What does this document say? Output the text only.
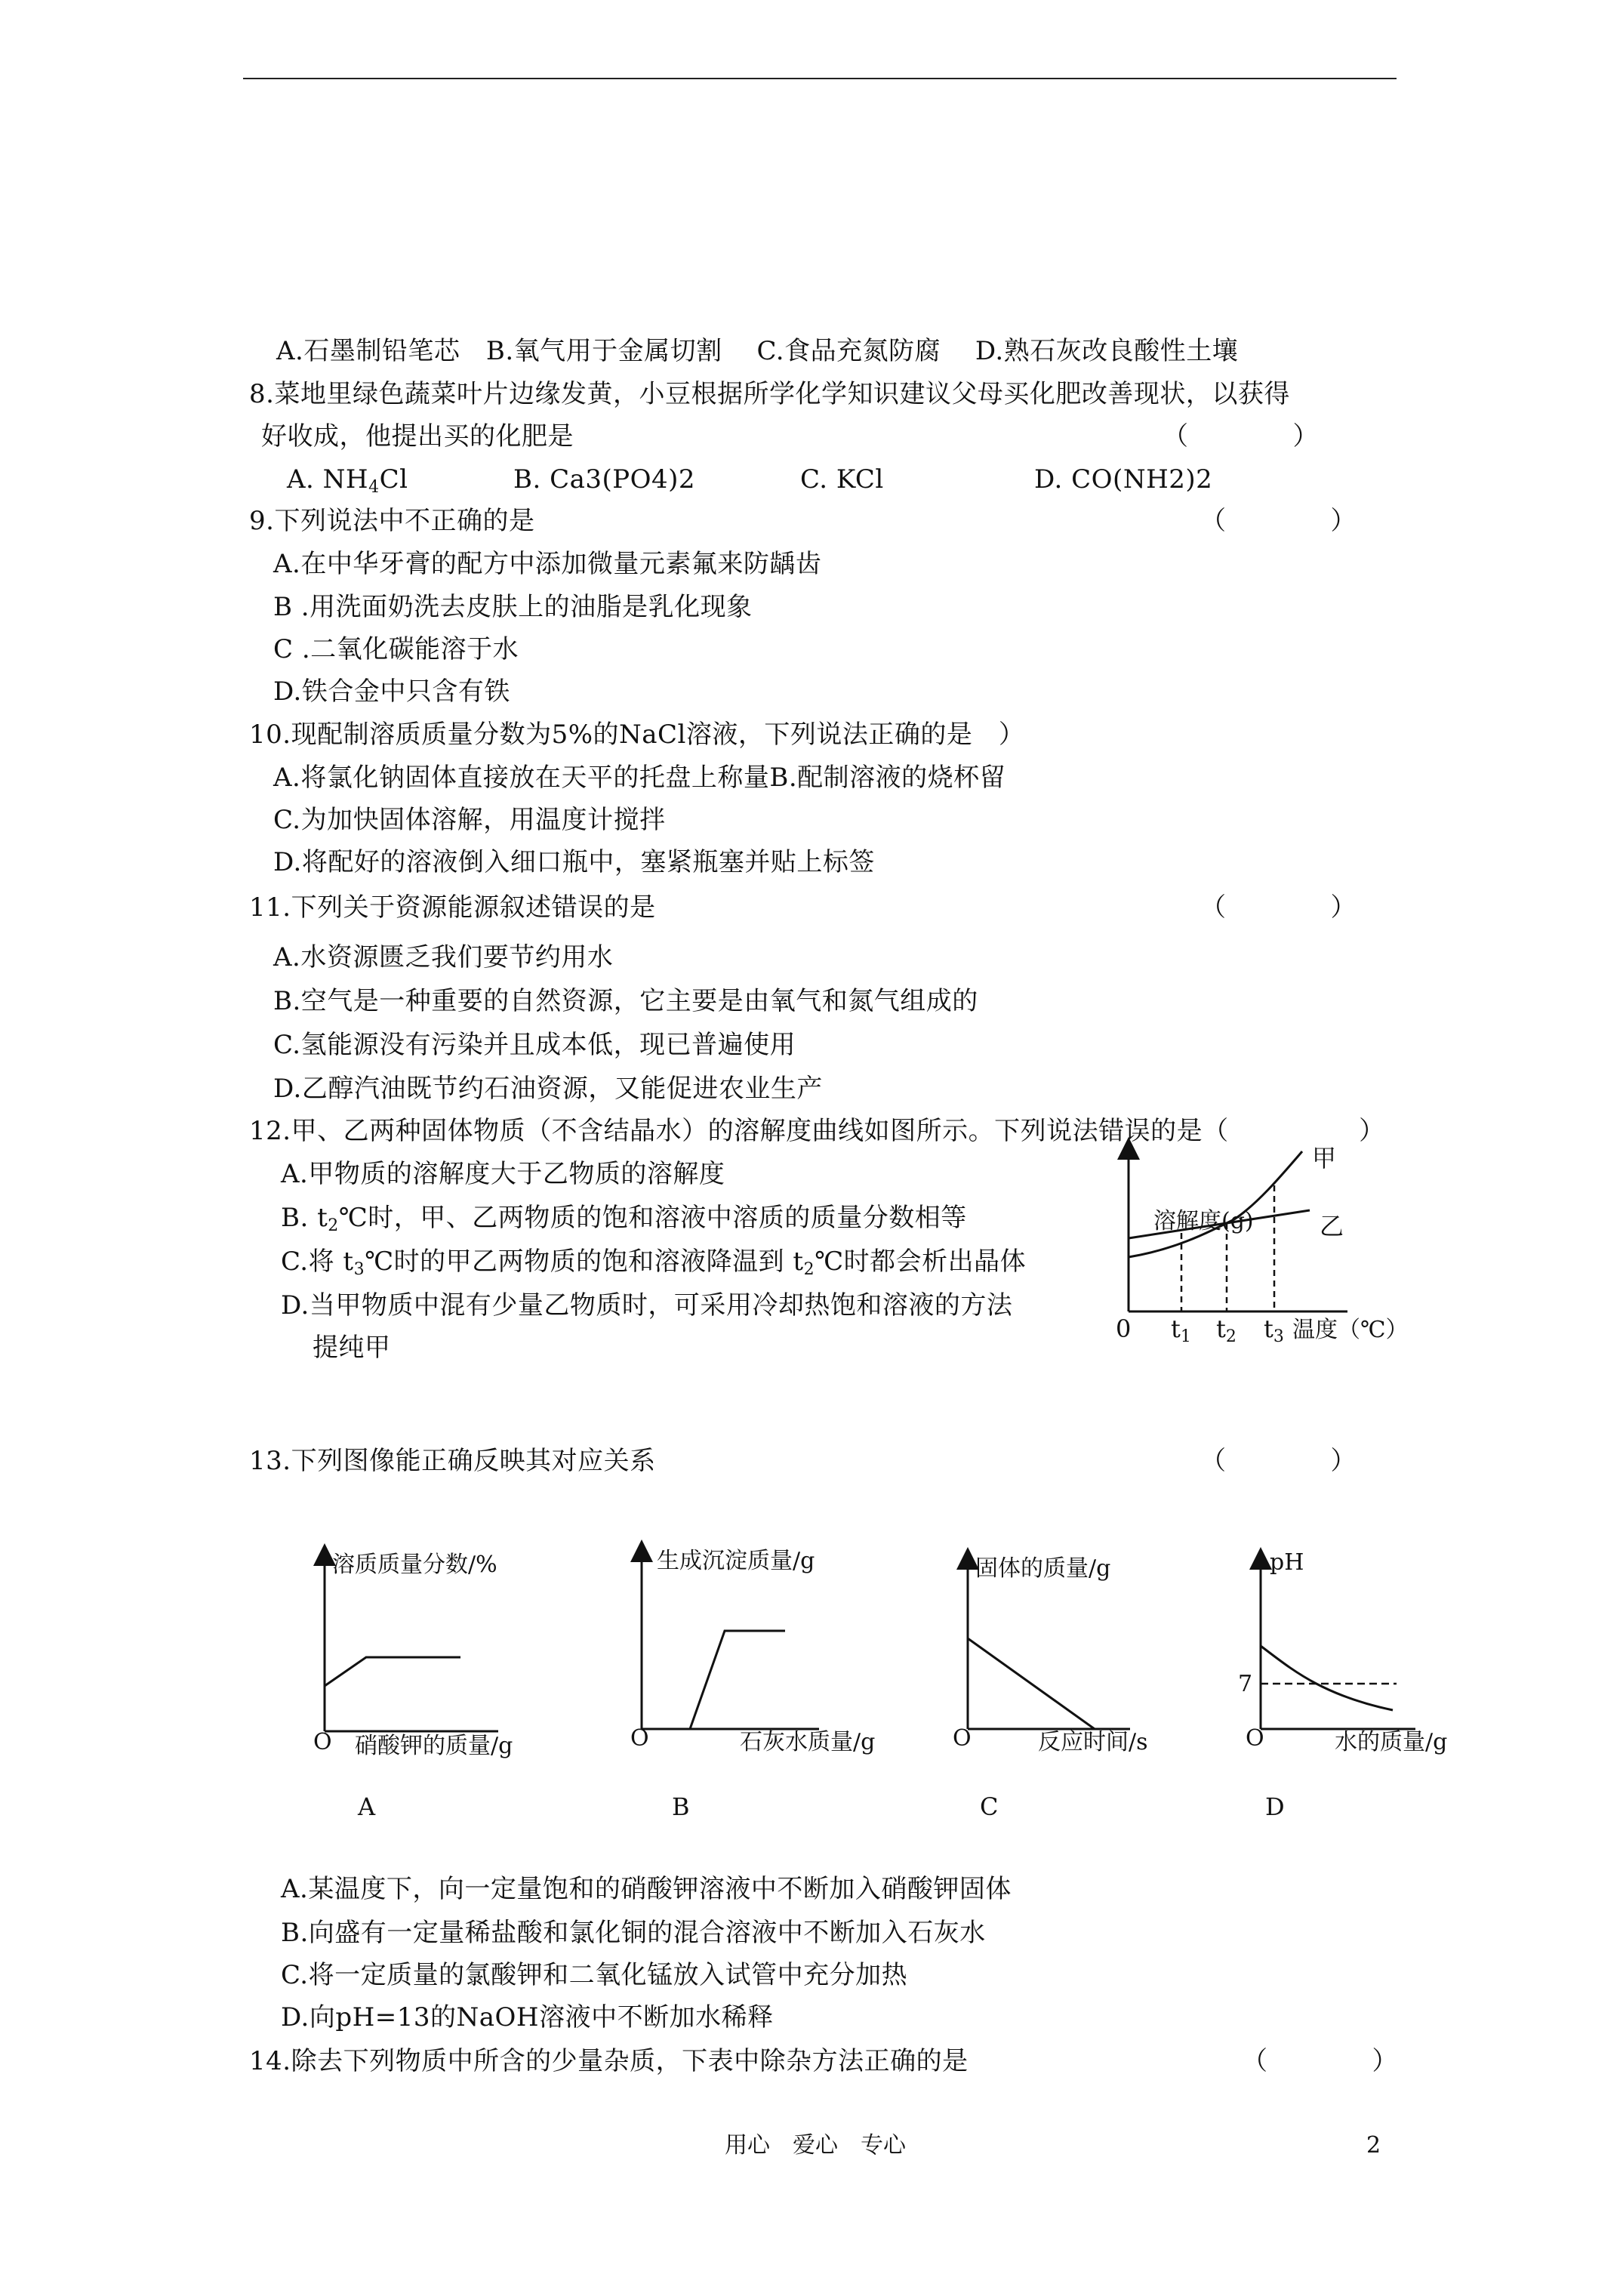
A.石墨制铅笔芯　B.氧气用于金属切割　 C.食品充氮防腐　 D.熟石灰改良酸性土壤
8.菜地里绿色蔬菜叶片边缘发黄，小豆根据所学化学知识建议父母买化肥改善现状，以获得
好收成，他提出买的化肥是	（　　　　）
A. $NH_4Cl$	B. Ca3(PO4)2	C. KCl	D. CO(NH2)2
9.下列说法中不正确的是	（　　　　）
A.在中华牙膏的配方中添加微量元素氟来防龋齿
B .用洗面奶洗去皮肤上的油脂是乳化现象
C .二氧化碳能溶于水
D.铁合金中只含有铁
10.现配制溶质质量分数为5%的NaCl溶液，下列说法正确的是　）
A.将氯化钠固体直接放在天平的托盘上称量B.配制溶液的烧杯留
C.为加快固体溶解，用温度计搅拌
D.将配好的溶液倒入细口瓶中，塞紧瓶塞并贴上标签
11.下列关于资源能源叙述错误的是	（　　　　）
A.水资源匮乏我们要节约用水
B.空气是一种重要的自然资源，它主要是由氧气和氮气组成的
C.氢能源没有污染并且成本低，现已普遍使用
D.乙醇汽油既节约石油资源，又能促进农业生产
12.甲、乙两种固体物质（不含结晶水）的溶解度曲线如图所示。下列说法错误的是（　　　　　）
A.甲物质的溶解度大于乙物质的溶解度
B. $t_2℃$时，甲、乙两物质的饱和溶液中溶质的质量分数相等
C.将 $t_3℃$时的甲乙两物质的饱和溶液降温到 $t_2℃$时都会析出晶体
D.当甲物质中混有少量乙物质时，可采用冷却热饱和溶液的方法
提纯甲
溶解度(g)
甲
乙
0 $t_1$ $t_2$ $t_3$ 温度（℃）
13.下列图像能正确反映其对应关系	（　　　　）
溶质质量分数/%
O 硝酸钾的质量/g
A
生成沉淀质量/g
O	石灰水质量/g
B
固体的质量/g
O	反应时间/s
C
pH
7
O	水的质量/g
D
A.某温度下，向一定量饱和的硝酸钾溶液中不断加入硝酸钾固体
B.向盛有一定量稀盐酸和氯化铜的混合溶液中不断加入石灰水
C.将一定质量的氯酸钾和二氧化锰放入试管中充分加热
D.向pH=13的NaOH溶液中不断加水稀释
14.除去下列物质中所含的少量杂质，下表中除杂方法正确的是	（　　　　）
用心　爱心　专心	2
